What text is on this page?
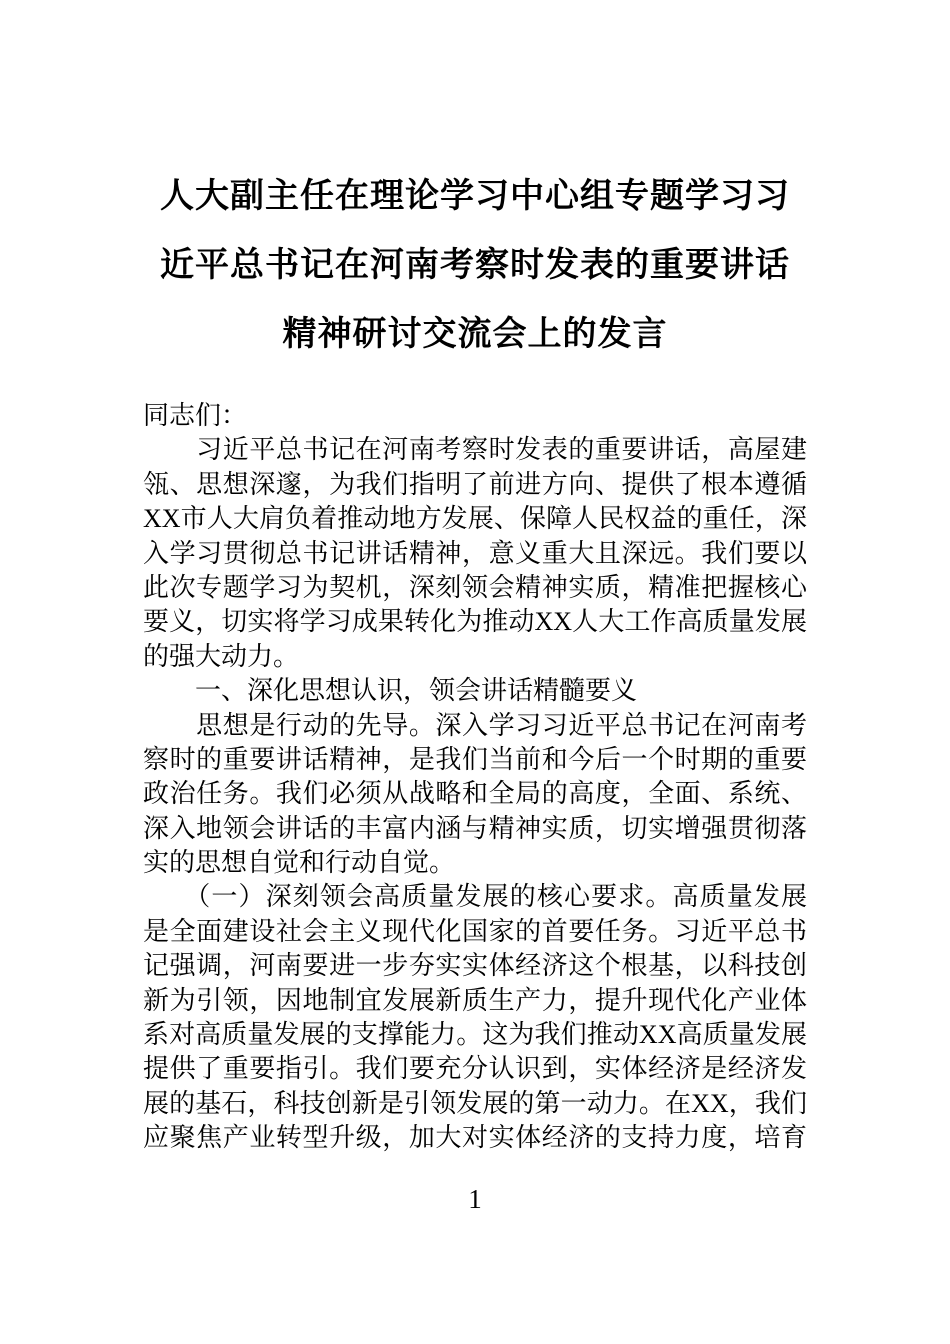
人大副主任在理论学习中心组专题学习习
近平总书记在河南考察时发表的重要讲话
精神研讨交流会上的发言
同志们：
　　习近平总书记在河南考察时发表的重要讲话，高屋建
瓴、思想深邃，为我们指明了前进方向、提供了根本遵循
XX市人大肩负着推动地方发展、保障人民权益的重任，深
入学习贯彻总书记讲话精神，意义重大且深远。我们要以
此次专题学习为契机，深刻领会精神实质，精准把握核心
要义，切实将学习成果转化为推动XX人大工作高质量发展
的强大动力。
　　一、深化思想认识，领会讲话精髓要义
　　思想是行动的先导。深入学习习近平总书记在河南考
察时的重要讲话精神，是我们当前和今后一个时期的重要
政治任务。我们必须从战略和全局的高度，全面、系统、
深入地领会讲话的丰富内涵与精神实质，切实增强贯彻落
实的思想自觉和行动自觉。
　　（一）深刻领会高质量发展的核心要求。高质量发展
是全面建设社会主义现代化国家的首要任务。习近平总书
记强调，河南要进一步夯实实体经济这个根基，以科技创
新为引领，因地制宜发展新质生产力，提升现代化产业体
系对高质量发展的支撑能力。这为我们推动XX高质量发展
提供了重要指引。我们要充分认识到，实体经济是经济发
展的基石，科技创新是引领发展的第一动力。在XX，我们
应聚焦产业转型升级，加大对实体经济的支持力度，培育
1
